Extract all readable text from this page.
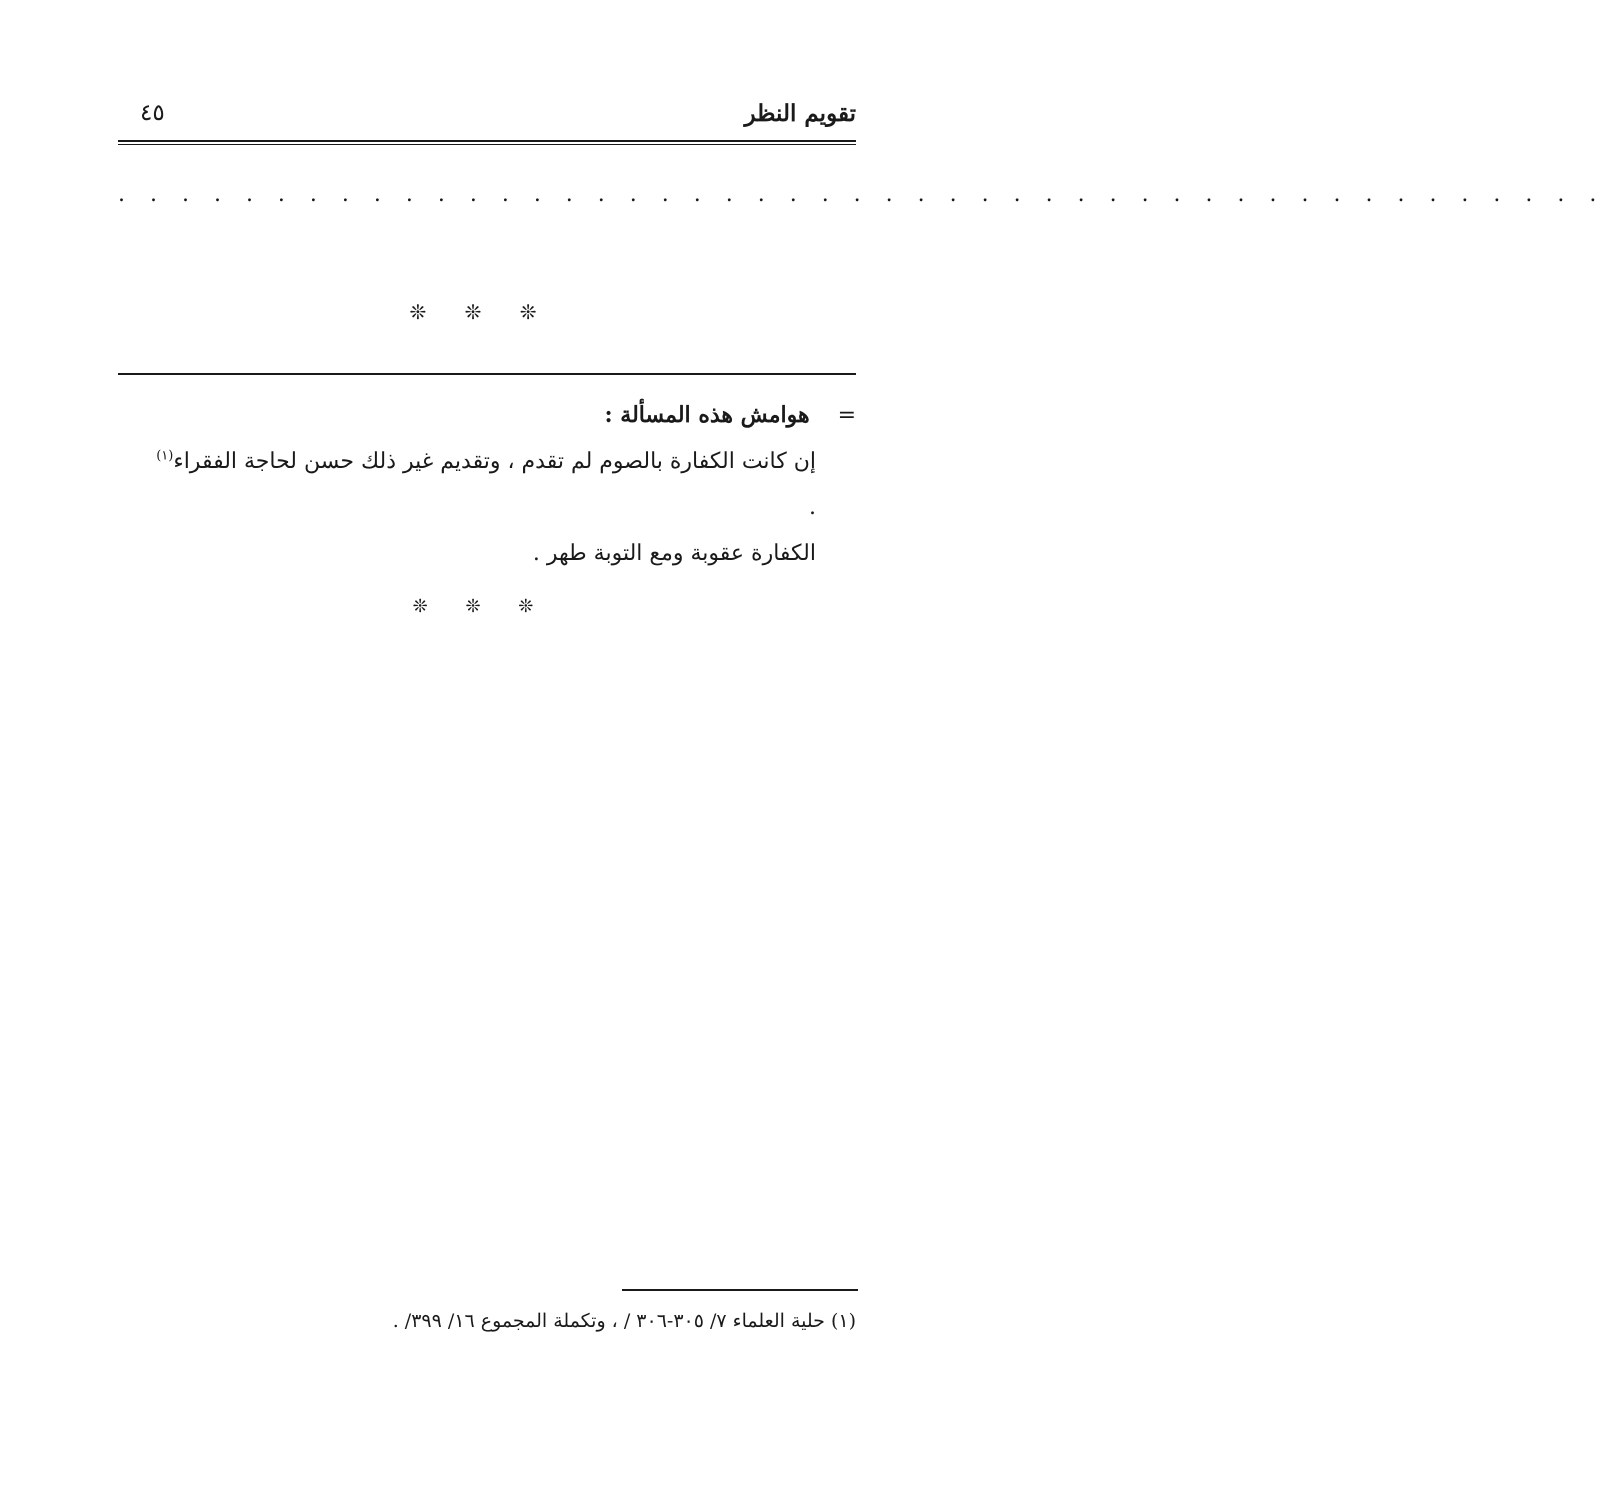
تقويم النظر
٤٥
. . . . . . . . . . . . . . . . . . . . . . . . . . . . . . . . . . . . . . . . . . . . . . .
❊ ❊ ❊
=هوامش هذه المسألة :
إن كانت الكفارة بالصوم لم تقدم ، وتقديم غير ذلك حسن لحاجة الفقراء$^{(١)}$ .
الكفارة عقوبة ومع التوبة طهر .
❊ ❊ ❊
(١) حلية العلماء ٧/ ٣٠٥-٣٠٦ / ، وتكملة المجموع ١٦/ ٣٩٩/ .
